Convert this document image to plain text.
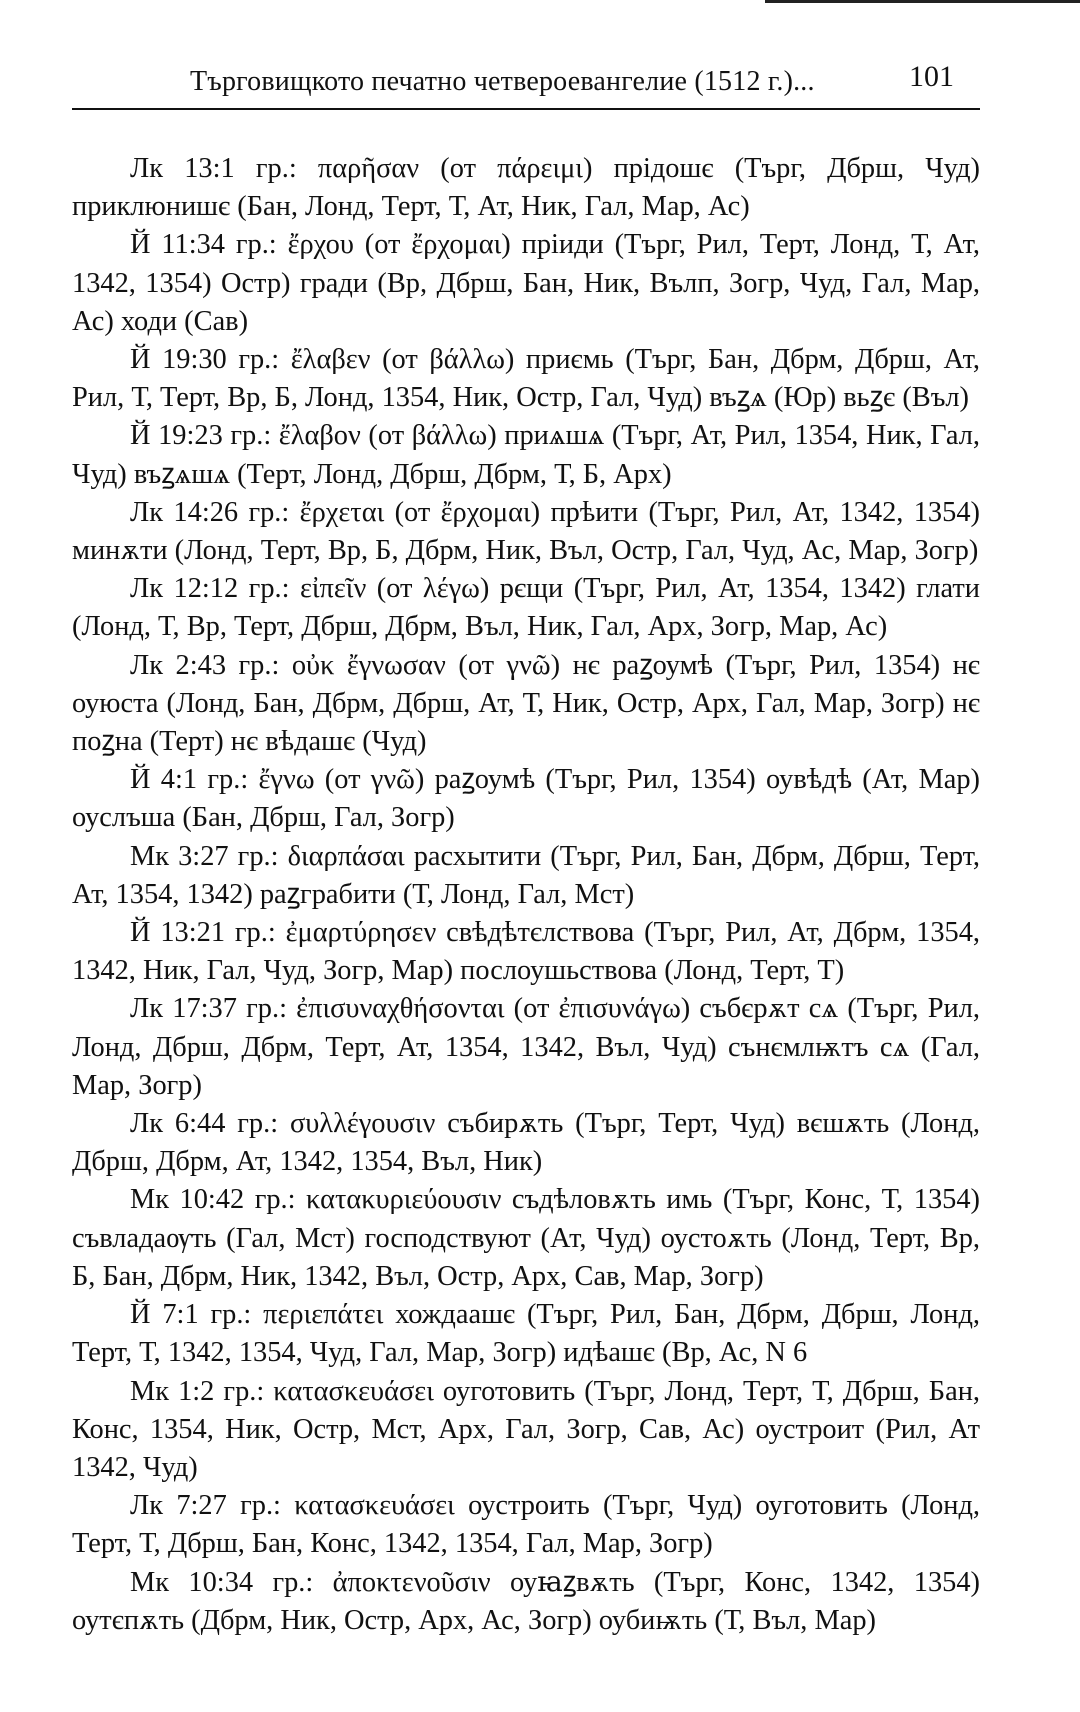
Търговищкото печатно четвероевангелие (1512 г.)...	101

Лк 13:1 гр.: παρῆσαν (от πάρειμι) прідошє (Търг, Дбрш, Чуд) приклюнишє (Бан, Лонд, Терт, Т, Ат, Ник, Гал, Мар, Ас)

Й 11:34 гр.: ἔρχου (от ἔρχομαι) пріиди (Търг, Рил, Терт, Лонд, Т, Ат, 1342, 1354) Остр) гради (Вр, Дбрш, Бан, Ник, Вълп, Зогр, Чуд, Гал, Мар, Ас) ходи (Сав)

Й 19:30 гр.: ἔλαβεν (от βάλλω) приємь (Търг, Бан, Дбрм, Дбрш, Ат, Рил, Т, Терт, Вр, Б, Лонд, 1354, Ник, Остр, Гал, Чуд) въꙁѧ (Юр) вьꙁє (Въл)

Й 19:23 гр.: ἔλαβον (от βάλλω) приѧшѧ (Търг, Ат, Рил, 1354, Ник, Гал, Чуд) въꙁѧшѧ (Терт, Лонд, Дбрш, Дбрм, Т, Б, Арх)

Лк 14:26 гр.: ἔρχεται (от ἔρχομαι) прѣити (Търг, Рил, Ат, 1342, 1354) минѫти (Лонд, Терт, Вр, Б, Дбрм, Ник, Въл, Остр, Гал, Чуд, Ас, Мар, Зогр)

Лк 12:12 гр.: εἰπεῖν (от λέγω) рєщи (Търг, Рил, Ат, 1354, 1342) глати (Лонд, Т, Вр, Терт, Дбрш, Дбрм, Въл, Ник, Гал, Арх, Зогр, Мар, Ас)

Лк 2:43 гр.: οὐκ ἔγνωσαν (от γνῶ) нє раꙁоумѣ (Търг, Рил, 1354) нє оуюста (Лонд, Бан, Дбрм, Дбрш, Ат, Т, Ник, Остр, Арх, Гал, Мар, Зогр) нє поꙁна (Терт) нє вѣдашє (Чуд)

Й 4:1 гр.: ἔγνω (от γνῶ) раꙁоумѣ (Търг, Рил, 1354) оувѣдѣ (Ат, Мар) оуслъша (Бан, Дбрш, Гал, Зогр)

Мк 3:27 гр.: διαρπάσαι расхытити (Търг, Рил, Бан, Дбрм, Дбрш, Терт, Ат, 1354, 1342) раꙁграбити (Т, Лонд, Гал, Мст)

Й 13:21 гр.: ἐμαρτύρησεν свѣдѣтєлствова (Търг, Рил, Ат, Дбрм, 1354, 1342, Ник, Гал, Чуд, Зогр, Мар) послоушьствова (Лонд, Терт, Т)

Лк 17:37 гр.: ἐπισυναχθήσονται (от ἐπισυνάγω) събєрѫт сѧ (Търг, Рил, Лонд, Дбрш, Дбрм, Терт, Ат, 1354, 1342, Въл, Чуд) сънємлѭтъ сѧ (Гал, Мар, Зогр)

Лк 6:44 гр.: συλλέγουσιν събирѫть (Търг, Терт, Чуд) вєшѫть (Лонд, Дбрш, Дбрм, Ат, 1342, 1354, Въл, Ник)

Мк 10:42 гр.: κατακυριεύουσιν съдѣловѫть имь (Търг, Конс, Т, 1354) съвладаѹть (Гал, Мст) господствуют (Ат, Чуд) оустоѫть (Лонд, Терт, Вр, Б, Бан, Дбрм, Ник, 1342, Въл, Остр, Арх, Сав, Мар, Зогр)

Й 7:1 гр.: περιεπάτει хождаашє (Търг, Рил, Бан, Дбрм, Дбрш, Лонд, Терт, Т, 1342, 1354, Чуд, Гал, Мар, Зогр) идѣашє (Вр, Ас, N 6

Мк 1:2 гр.: κατασκευάσει оуготовить (Търг, Лонд, Терт, Т, Дбрш, Бан, Конс, 1354, Ник, Остр, Мст, Арх, Гал, Зогр, Сав, Ас) оустроит (Рил, Ат 1342, Чуд)

Лк 7:27 гр.: κατασκευάσει оустроить (Търг, Чуд) оуготовить (Лонд, Терт, Т, Дбрш, Бан, Конс, 1342, 1354, Гал, Мар, Зогр)

Мк 10:34 гр.: ἀποκτενοῦσιν оуꙗꙁвѫть (Търг, Конс, 1342, 1354) оутєпѫть (Дбрм, Ник, Остр, Арх, Ас, Зогр) оубиѭть (Т, Въл, Мар)
